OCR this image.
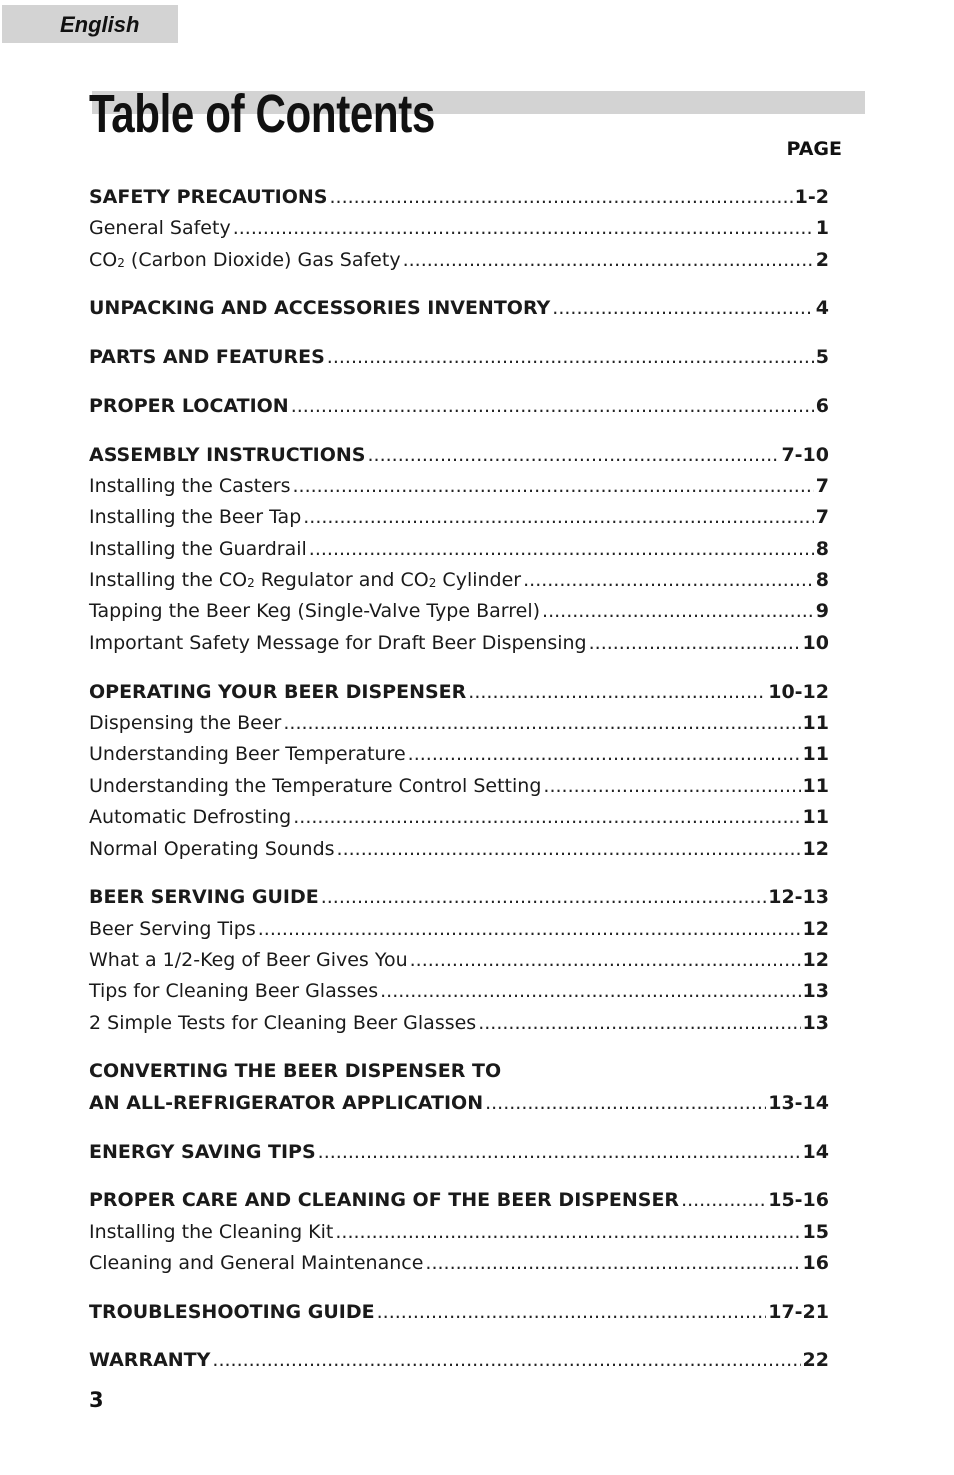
English
Table of Contents
PAGE
SAFETY PRECAUTIONS .....	1-2
General Safety .....	1
$CO_2$ (Carbon Dioxide) Gas Safety .....	2
UNPACKING AND ACCESSORIES INVENTORY .....	4
PARTS AND FEATURES .....	5
PROPER LOCATION .....	6
ASSEMBLY INSTRUCTIONS .....	7-10
Installing the Casters .....	7
Installing the Beer Tap .....	7
Installing the Guardrail .....	8
Installing the $CO_2$ Regulator and $CO_2$ Cylinder .....	8
Tapping the Beer Keg (Single-Valve Type Barrel) .....	9
Important Safety Message for Draft Beer Dispensing .....	10
OPERATING YOUR BEER DISPENSER .....	10-12
Dispensing the Beer .....	11
Understanding Beer Temperature .....	11
Understanding the Temperature Control Setting .....	11
Automatic Defrosting .....	11
Normal Operating Sounds .....	12
BEER SERVING GUIDE .....	12-13
Beer Serving Tips .....	12
What a 1/2-Keg of Beer Gives You .....	12
Tips for Cleaning Beer Glasses .....	13
2 Simple Tests for Cleaning Beer Glasses .....	13
CONVERTING THE BEER DISPENSER TO
AN ALL-REFRIGERATOR APPLICATION .....	13-14
ENERGY SAVING TIPS .....	14
PROPER CARE AND CLEANING OF THE BEER DISPENSER .....	15-16
Installing the Cleaning Kit .....	15
Cleaning and General Maintenance .....	16
TROUBLESHOOTING GUIDE .....	17-21
WARRANTY .....	22
3
